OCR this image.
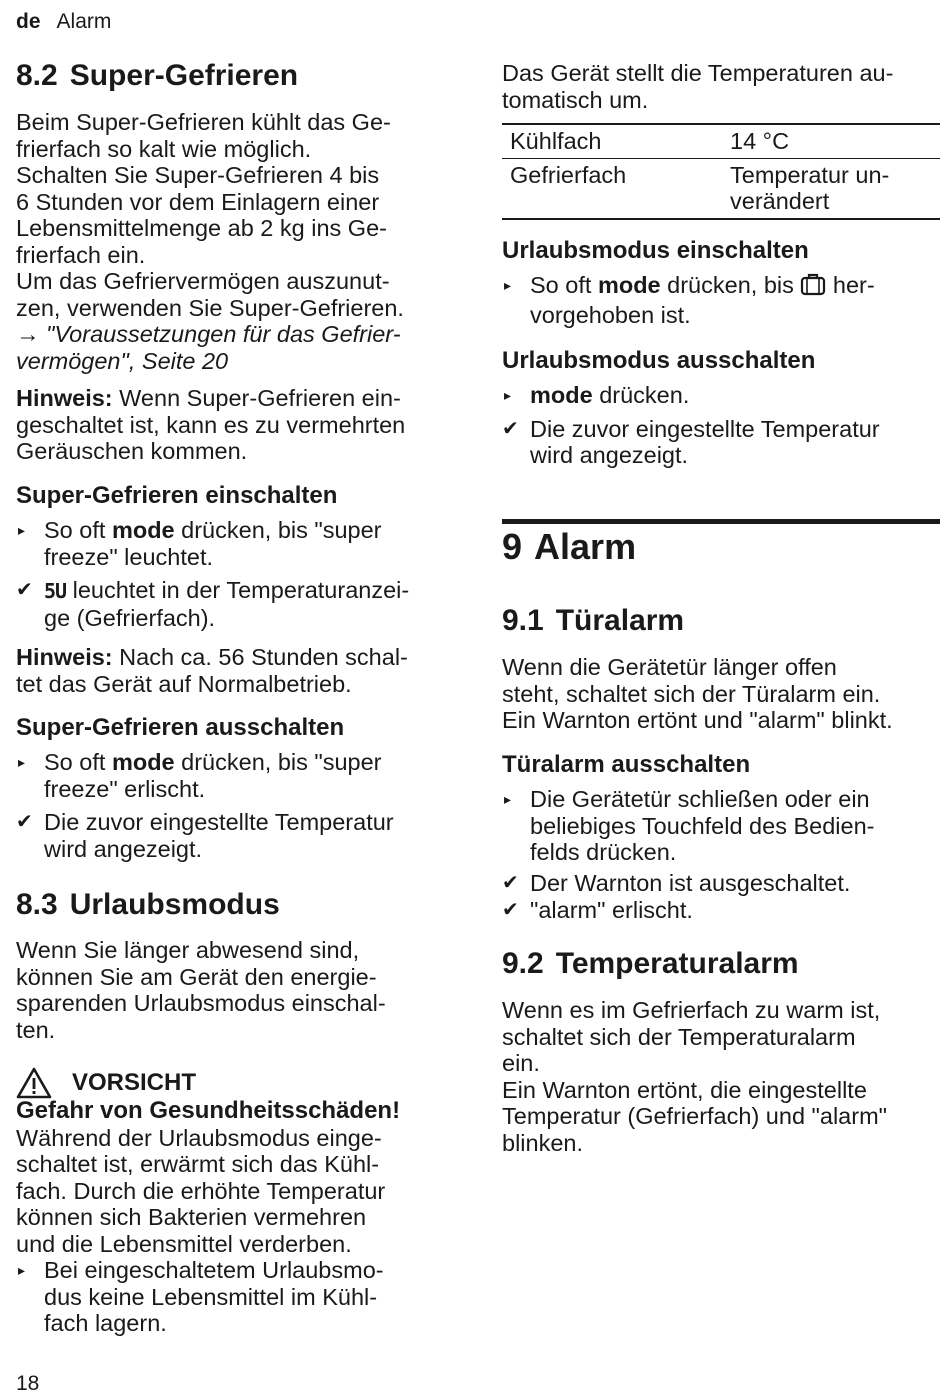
de Alarm
8.2 Super-Gefrieren
Beim Super-Gefrieren kühlt das Ge-
frierfach so kalt wie möglich.
Schalten Sie Super-Gefrieren 4 bis
6 Stunden vor dem Einlagern einer
Lebensmittelmenge ab 2 kg ins Ge-
frierfach ein.
Um das Gefriervermögen auszunut-
zen, verwenden Sie Super-Gefrieren.
→ "Voraussetzungen für das Gefrier-
vermögen", Seite 20
Hinweis: Wenn Super-Gefrieren ein-
geschaltet ist, kann es zu vermehrten
Geräuschen kommen.
Super-Gefrieren einschalten
▸ So oft mode drücken, bis "super
freeze" leuchtet.
✔ 5U leuchtet in der Temperaturanzei-
ge (Gefrierfach).
Hinweis: Nach ca. 56 Stunden schal-
tet das Gerät auf Normalbetrieb.
Super-Gefrieren ausschalten
▸ So oft mode drücken, bis "super
freeze" erlischt.
✔ Die zuvor eingestellte Temperatur
wird angezeigt.
8.3 Urlaubsmodus
Wenn Sie länger abwesend sind,
können Sie am Gerät den energie-
sparenden Urlaubsmodus einschal-
ten.
VORSICHT
Gefahr von Gesundheitsschäden!
Während der Urlaubsmodus einge-
schaltet ist, erwärmt sich das Kühl-
fach. Durch die erhöhte Temperatur
können sich Bakterien vermehren
und die Lebensmittel verderben.
▸ Bei eingeschaltetem Urlaubsmo-
dus keine Lebensmittel im Kühl-
fach lagern.
Das Gerät stellt die Temperaturen au-
tomatisch um.
Kühlfach	14 °C
Gefrierfach	Temperatur un-
verändert
Urlaubsmodus einschalten
▸ So oft mode drücken, bis  her-
vorgehoben ist.
Urlaubsmodus ausschalten
▸ mode drücken.
✔ Die zuvor eingestellte Temperatur
wird angezeigt.
9 Alarm
9.1 Türalarm
Wenn die Gerätetür länger offen
steht, schaltet sich der Türalarm ein.
Ein Warnton ertönt und "alarm" blinkt.
Türalarm ausschalten
▸ Die Gerätetür schließen oder ein
beliebiges Touchfeld des Bedien-
felds drücken.
✔ Der Warnton ist ausgeschaltet.
✔ "alarm" erlischt.
9.2 Temperaturalarm
Wenn es im Gefrierfach zu warm ist,
schaltet sich der Temperaturalarm
ein.
Ein Warnton ertönt, die eingestellte
Temperatur (Gefrierfach) und "alarm"
blinken.
18
